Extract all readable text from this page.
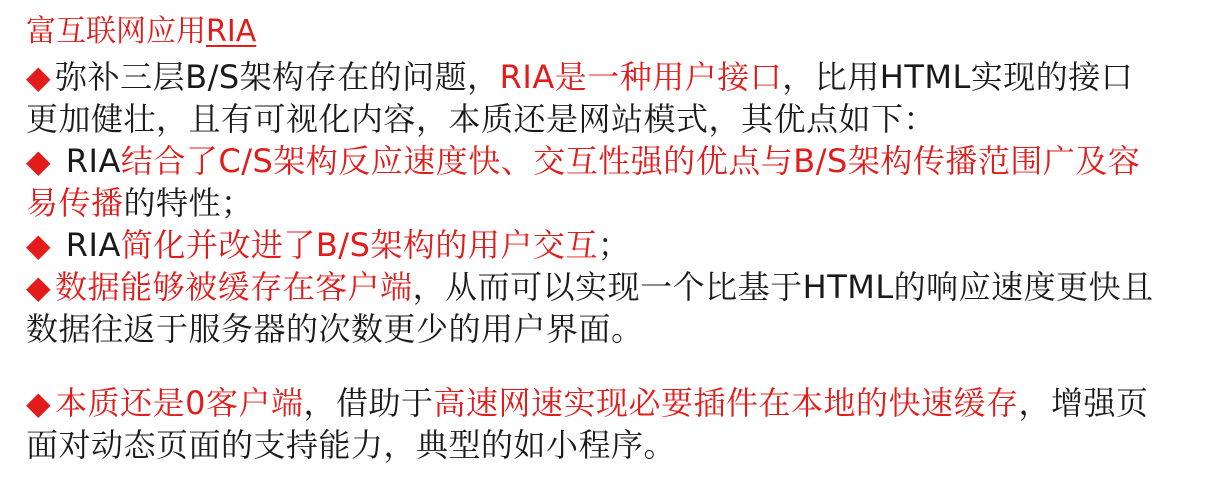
富互联网应用RIA
◆ 弥补三层B/S架构存在的问题，RIA是一种用户接口，比用HTML实现的接口
更加健壮，且有可视化内容，本质还是网站模式，其优点如下：
◆ RIA结合了C/S架构反应速度快、交互性强的优点与B/S架构传播范围广及容
易传播的特性；
◆ RIA简化并改进了B/S架构的用户交互；
◆ 数据能够被缓存在客户端，从而可以实现一个比基于HTML的响应速度更快且
数据往返于服务器的次数更少的用户界面。
◆ 本质还是0客户端，借助于高速网速实现必要插件在本地的快速缓存，增强页
面对动态页面的支持能力，典型的如小程序。
